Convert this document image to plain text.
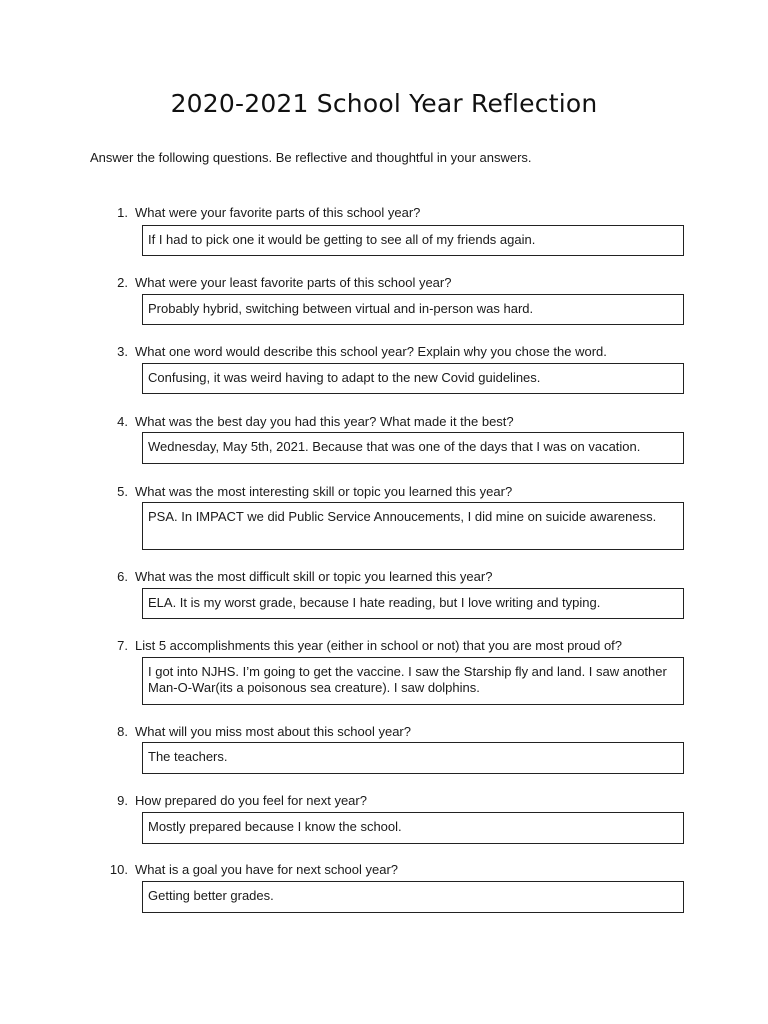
2020-2021 School Year Reflection

Answer the following questions. Be reflective and thoughtful in your answers.

1. What were your favorite parts of this school year?
If I had to pick one it would be getting to see all of my friends again.
2. What were your least favorite parts of this school year?
Probably hybrid, switching between virtual and in-person was hard.
3. What one word would describe this school year? Explain why you chose the word.
Confusing, it was weird having to adapt to the new Covid guidelines.
4. What was the best day you had this year? What made it the best?
Wednesday, May 5th, 2021. Because that was one of the days that I was on vacation.
5. What was the most interesting skill or topic you learned this year?
PSA. In IMPACT we did Public Service Annoucements, I did mine on suicide awareness.
6. What was the most difficult skill or topic you learned this year?
ELA. It is my worst grade, because I hate reading, but I love writing and typing.
7. List 5 accomplishments this year (either in school or not) that you are most proud of?
I got into NJHS. I’m going to get the vaccine. I saw the Starship fly and land. I saw another Man-O-War(its a poisonous sea creature). I saw dolphins.
8. What will you miss most about this school year?
The teachers.
9. How prepared do you feel for next year?
Mostly prepared because I know the school.
10. What is a goal you have for next school year?
Getting better grades.
